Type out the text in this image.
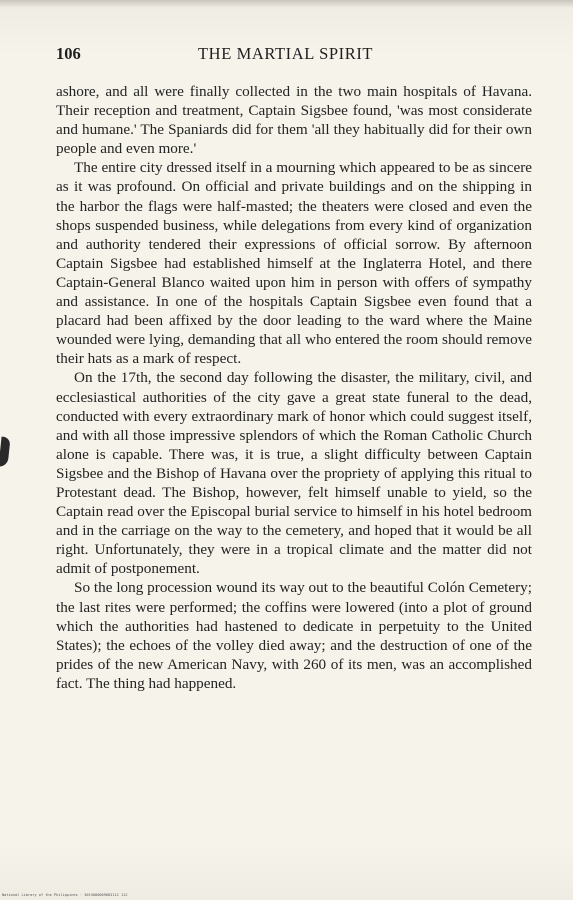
106	THE MARTIAL SPIRIT

ashore, and all were finally collected in the two main hospitals of Havana. Their reception and treatment, Captain Sigsbee found, 'was most considerate and humane.' The Spaniards did for them 'all they habitually did for their own people and even more.'

The entire city dressed itself in a mourning which appeared to be as sincere as it was profound. On official and private buildings and on the shipping in the harbor the flags were half-masted; the theaters were closed and even the shops suspended business, while delegations from every kind of organization and authority tendered their expressions of official sorrow. By afternoon Captain Sigsbee had established himself at the Inglaterra Hotel, and there Captain-General Blanco waited upon him in person with offers of sympathy and assistance. In one of the hospitals Captain Sigsbee even found that a placard had been affixed by the door leading to the ward where the Maine wounded were lying, demanding that all who entered the room should remove their hats as a mark of respect.

On the 17th, the second day following the disaster, the military, civil, and ecclesiastical authorities of the city gave a great state funeral to the dead, conducted with every extraordinary mark of honor which could suggest itself, and with all those impressive splendors of which the Roman Catholic Church alone is capable. There was, it is true, a slight difficulty between Captain Sigsbee and the Bishop of Havana over the propriety of applying this ritual to Protestant dead. The Bishop, however, felt himself unable to yield, so the Captain read over the Episcopal burial service to himself in his hotel bedroom and in the carriage on the way to the cemetery, and hoped that it would be all right. Unfortunately, they were in a tropical climate and the matter did not admit of postponement.

So the long procession wound its way out to the beautiful Colón Cemetery; the last rites were performed; the coffins were lowered (into a plot of ground which the authorities had hastened to dedicate in perpetuity to the United States); the echoes of the volley died away; and the destruction of one of the prides of the new American Navy, with 260 of its men, was an accomplished fact. The thing had happened.

National Library of the Philippines · 3015000009683112 112
